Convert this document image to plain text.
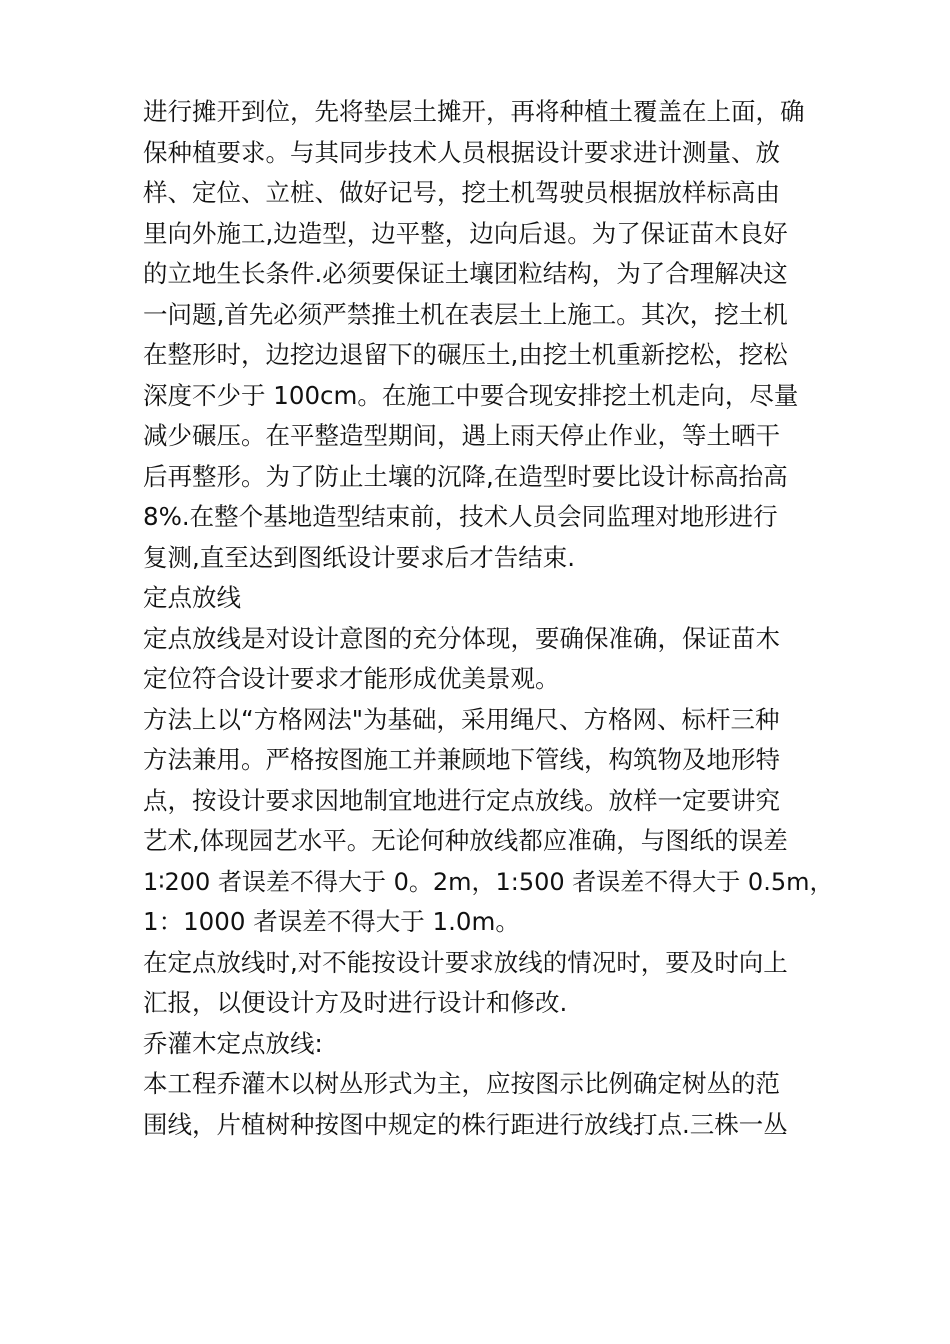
进行摊开到位，先将垫层土摊开，再将种植土覆盖在上面，确
保种植要求。与其同步技术人员根据设计要求进计测量、放
样、定位、立桩、做好记号，挖土机驾驶员根据放样标高由
里向外施工,边造型，边平整，边向后退。为了保证苗木良好
的立地生长条件.必须要保证土壤团粒结构，为了合理解决这
一问题,首先必须严禁推土机在表层土上施工。其次，挖土机
在整形时，边挖边退留下的碾压土,由挖土机重新挖松，挖松
深度不少于 100cm。在施工中要合现安排挖土机走向，尽量
减少碾压。在平整造型期间，遇上雨天停止作业，等土晒干
后再整形。为了防止土壤的沉降,在造型时要比设计标高抬高
8%.在整个基地造型结束前，技术人员会同监理对地形进行
复测,直至达到图纸设计要求后才告结束.
定点放线
定点放线是对设计意图的充分体现，要确保准确，保证苗木
定位符合设计要求才能形成优美景观。
方法上以“方格网法"为基础，采用绳尺、方格网、标杆三种
方法兼用。严格按图施工并兼顾地下管线，构筑物及地形特
点，按设计要求因地制宜地进行定点放线。放样一定要讲究
艺术,体现园艺水平。无论何种放线都应准确，与图纸的误差
1∶200 者误差不得大于 0。2m，1:500 者误差不得大于 0.5m，
1：1000 者误差不得大于 1.0m。
在定点放线时,对不能按设计要求放线的情况时，要及时向上
汇报，以便设计方及时进行设计和修改.
乔灌木定点放线:
本工程乔灌木以树丛形式为主，应按图示比例确定树丛的范
围线，片植树种按图中规定的株行距进行放线打点.三株一丛
